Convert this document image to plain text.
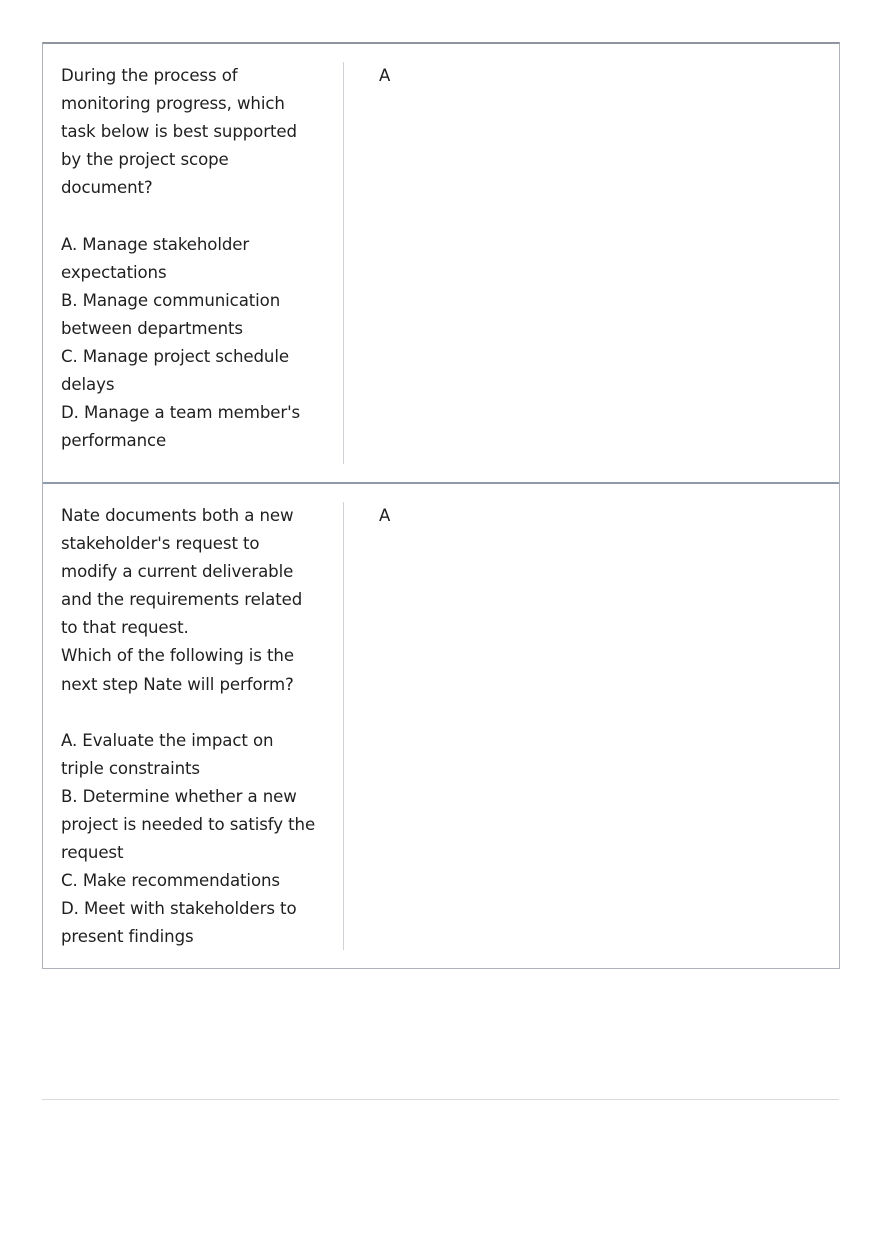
During the process of monitoring progress, which task below is best supported by the project scope document?

A. Manage stakeholder expectations

B. Manage communication between departments

C. Manage project schedule delays

D. Manage a team member's performance

A

Nate documents both a new stakeholder's request to modify a current deliverable and the requirements related to that request.
Which of the following is the next step Nate will perform?

A. Evaluate the impact on triple constraints

B. Determine whether a new project is needed to satisfy the request

C. Make recommendations

D. Meet with stakeholders to present findings

A
